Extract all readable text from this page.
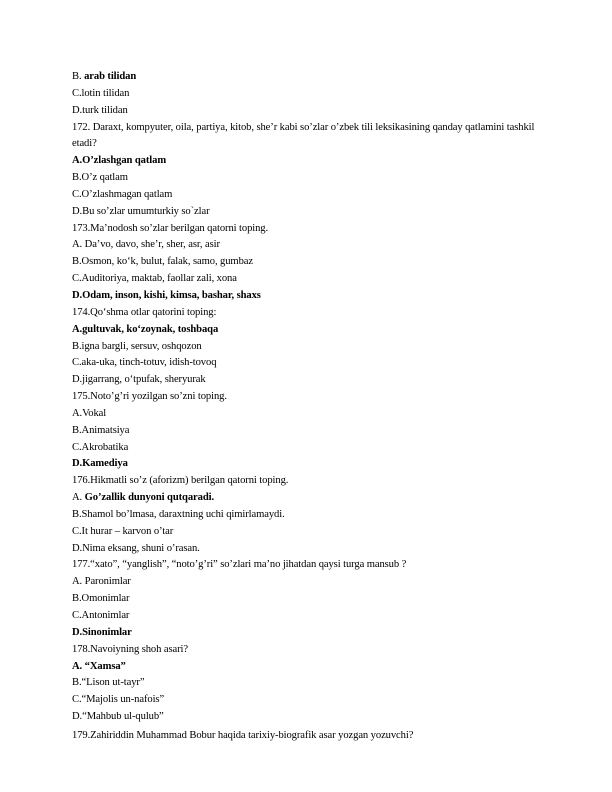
B. arab tilidan
C.lotin tilidan
D.turk tilidan
172. Daraxt, kompyuter, oila, partiya, kitob, she’r kabi so’zlar o’zbek tili leksikasining qanday qatlamini tashkil etadi?
A.O’zlashgan qatlam
B.O’z qatlam
C.O’zlashmagan qatlam
D.Bu so’zlar umumturkiy so`zlar
173.Ma’nodosh so’zlar berilgan qatorni toping.
A. Da’vo, davo, she’r, sher, asr, asir
B.Osmon, ko‘k, bulut, falak, samo, gumbaz
C.Auditoriya, maktab, faollar zali, xona
D.Odam, inson, kishi, kimsa, bashar, shaxs
174.Qo‘shma otlar qatorini toping:
A.gultuvak, ko‘zoynak, toshbaqa
B.igna bargli, sersuv, oshqozon
C.aka-uka, tinch-totuv, idish-tovoq
D.jigarrang, o‘tpufak, sheryurak
175.Noto’g’ri yozilgan so’zni toping.
A.Vokal
B.Animatsiya
C.Akrobatika
D.Kamediya
176.Hikmatli so’z (aforizm) berilgan qatorni toping.
A. Go’zallik dunyoni qutqaradi.
B.Shamol bo’lmasa, daraxtning uchi qimirlamaydi.
C.It hurar – karvon o’tar
D.Nima eksang, shuni o’rasan.
177.“xato”, “yanglish”, “noto’g’ri” so’zlari ma’no jihatdan qaysi turga mansub ?
A. Paronimlar
B.Omonimlar
C.Antonimlar
D.Sinonimlar
178.Navoiyning shoh asari?
A. “Xamsa”
B.“Lison ut-tayr”
C.“Majolis un-nafois”
D.“Mahbub ul-qulub”
179.Zahiriddin Muhammad Bobur haqida tarixiy-biografik asar yozgan yozuvchi?
